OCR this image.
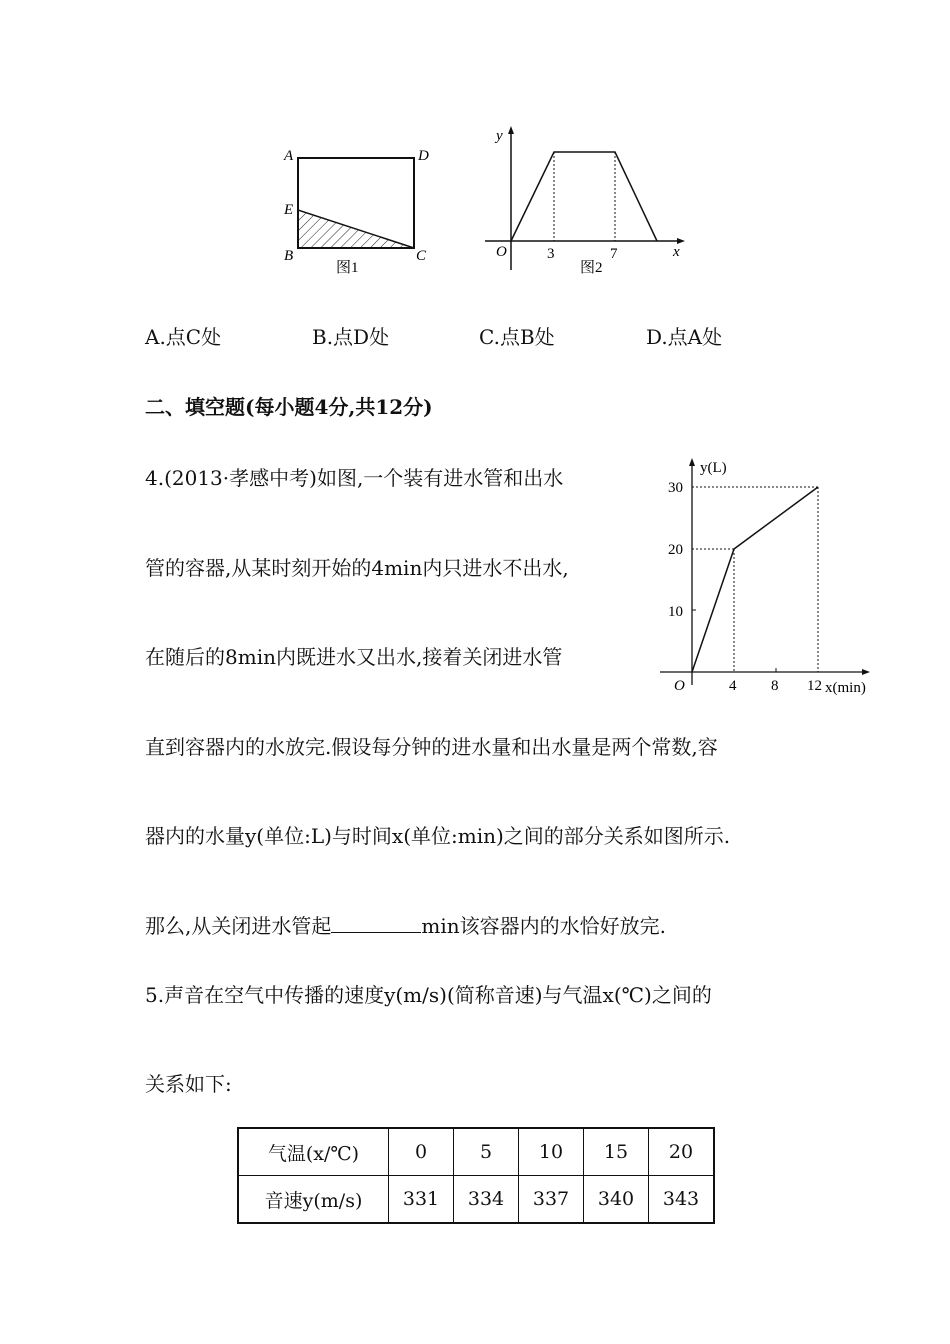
A	D
E
B	C
图1
y
O	3	7	x
图2
A.点C处	B.点D处	C.点B处	D.点A处
二、填空题(每小题4分,共12分)
4.(2013·孝感中考)如图,一个装有进水管和出水
管的容器,从某时刻开始的4min内只进水不出水,
在随后的8min内既进水又出水,接着关闭进水管
直到容器内的水放完.假设每分钟的进水量和出水量是两个常数,容
器内的水量y(单位:L)与时间x(单位:min)之间的部分关系如图所示.
那么,从关闭进水管起	min该容器内的水恰好放完.
y(L)
30
20
10
O	4 8 12 x(min)
5.声音在空气中传播的速度y(m/s)(简称音速)与气温x(℃)之间的
关系如下:
气温(x/℃)	0	5	10	15	20
音速y(m/s)	331	334	337	340	343
